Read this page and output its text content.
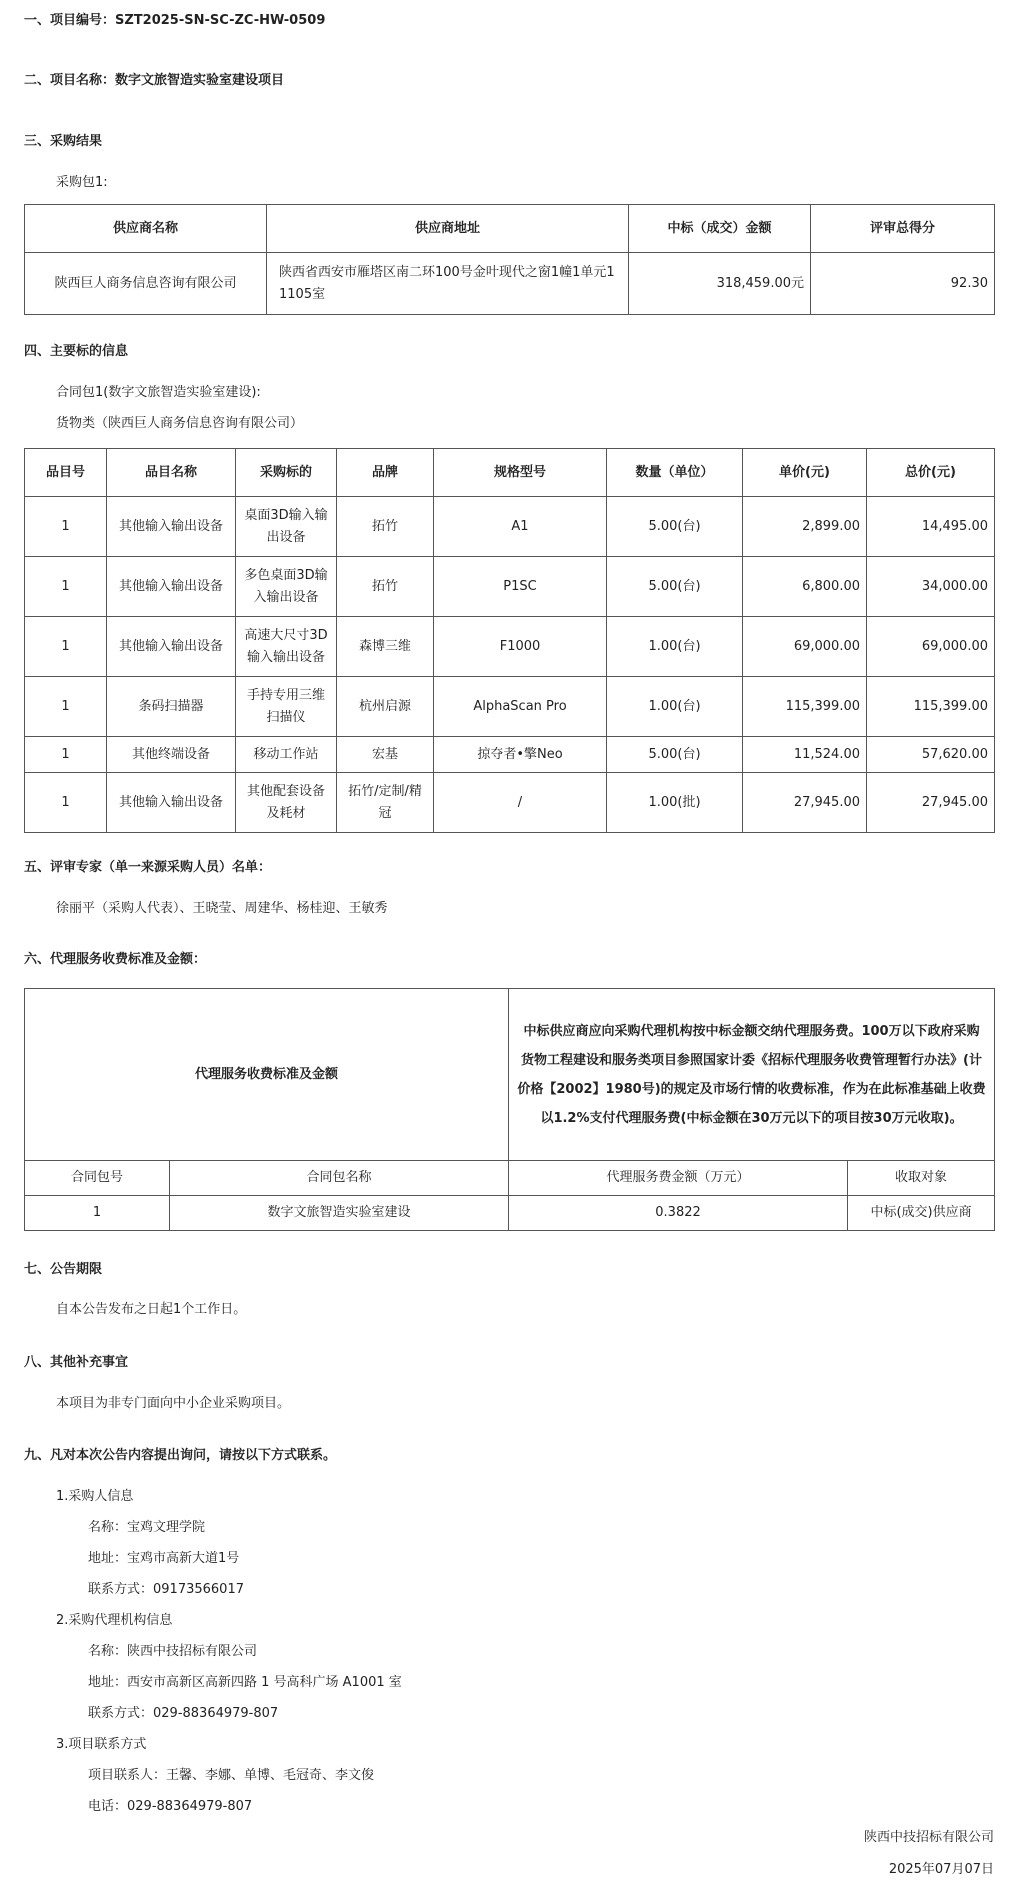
一、项目编号：SZT2025-SN-SC-ZC-HW-0509
二、项目名称：数字文旅智造实验室建设项目
三、采购结果
采购包1:
供应商名称	供应商地址	中标（成交）金额	评审总得分
陕西巨人商务信息咨询有限公司	陕西省西安市雁塔区南二环100号金叶现代之窗1幢1单元11105室	318,459.00元	92.30
四、主要标的信息
合同包1(数字文旅智造实验室建设):
货物类（陕西巨人商务信息咨询有限公司）
品目号	品目名称	采购标的	品牌	规格型号	数量（单位）	单价(元)	总价(元)
1	其他输入输出设备	桌面3D输入输出设备	拓竹	A1	5.00(台)	2,899.00	14,495.00
1	其他输入输出设备	多色桌面3D输入输出设备	拓竹	P1SC	5.00(台)	6,800.00	34,000.00
1	其他输入输出设备	高速大尺寸3D输入输出设备	森博三维	F1000	1.00(台)	69,000.00	69,000.00
1	条码扫描器	手持专用三维扫描仪	杭州启源	AlphaScan Pro	1.00(台)	115,399.00	115,399.00
1	其他终端设备	移动工作站	宏基	掠夺者•擎Neo	5.00(台)	11,524.00	57,620.00
1	其他输入输出设备	其他配套设备及耗材	拓竹/定制/精冠	/	1.00(批)	27,945.00	27,945.00
五、评审专家（单一来源采购人员）名单：
徐丽平（采购人代表）、王晓莹、周建华、杨桂迎、王敏秀
六、代理服务收费标准及金额：
代理服务收费标准及金额		中标供应商应向采购代理机构按中标金额交纳代理服务费。100万以下政府采购货物工程建设和服务类项目参照国家计委《招标代理服务收费管理暂行办法》(计价格【2002】1980号)的规定及市场行情的收费标准，作为在此标准基础上收费以1.2%支付代理服务费(中标金额在30万元以下的项目按30万元收取)。	
合同包号	合同包名称	代理服务费金额（万元）	收取对象
1	数字文旅智造实验室建设	0.3822	中标(成交)供应商
七、公告期限
自本公告发布之日起1个工作日。
八、其他补充事宜
本项目为非专门面向中小企业采购项目。
九、凡对本次公告内容提出询问，请按以下方式联系。
1.采购人信息
名称：宝鸡文理学院
地址：宝鸡市高新大道1号
联系方式：09173566017
2.采购代理机构信息
名称：陕西中技招标有限公司
地址：西安市高新区高新四路 1 号高科广场 A1001 室
联系方式：029-88364979-807
3.项目联系方式
项目联系人：王馨、李娜、单博、毛冠奇、李文俊
电话：029-88364979-807
陕西中技招标有限公司
2025年07月07日
